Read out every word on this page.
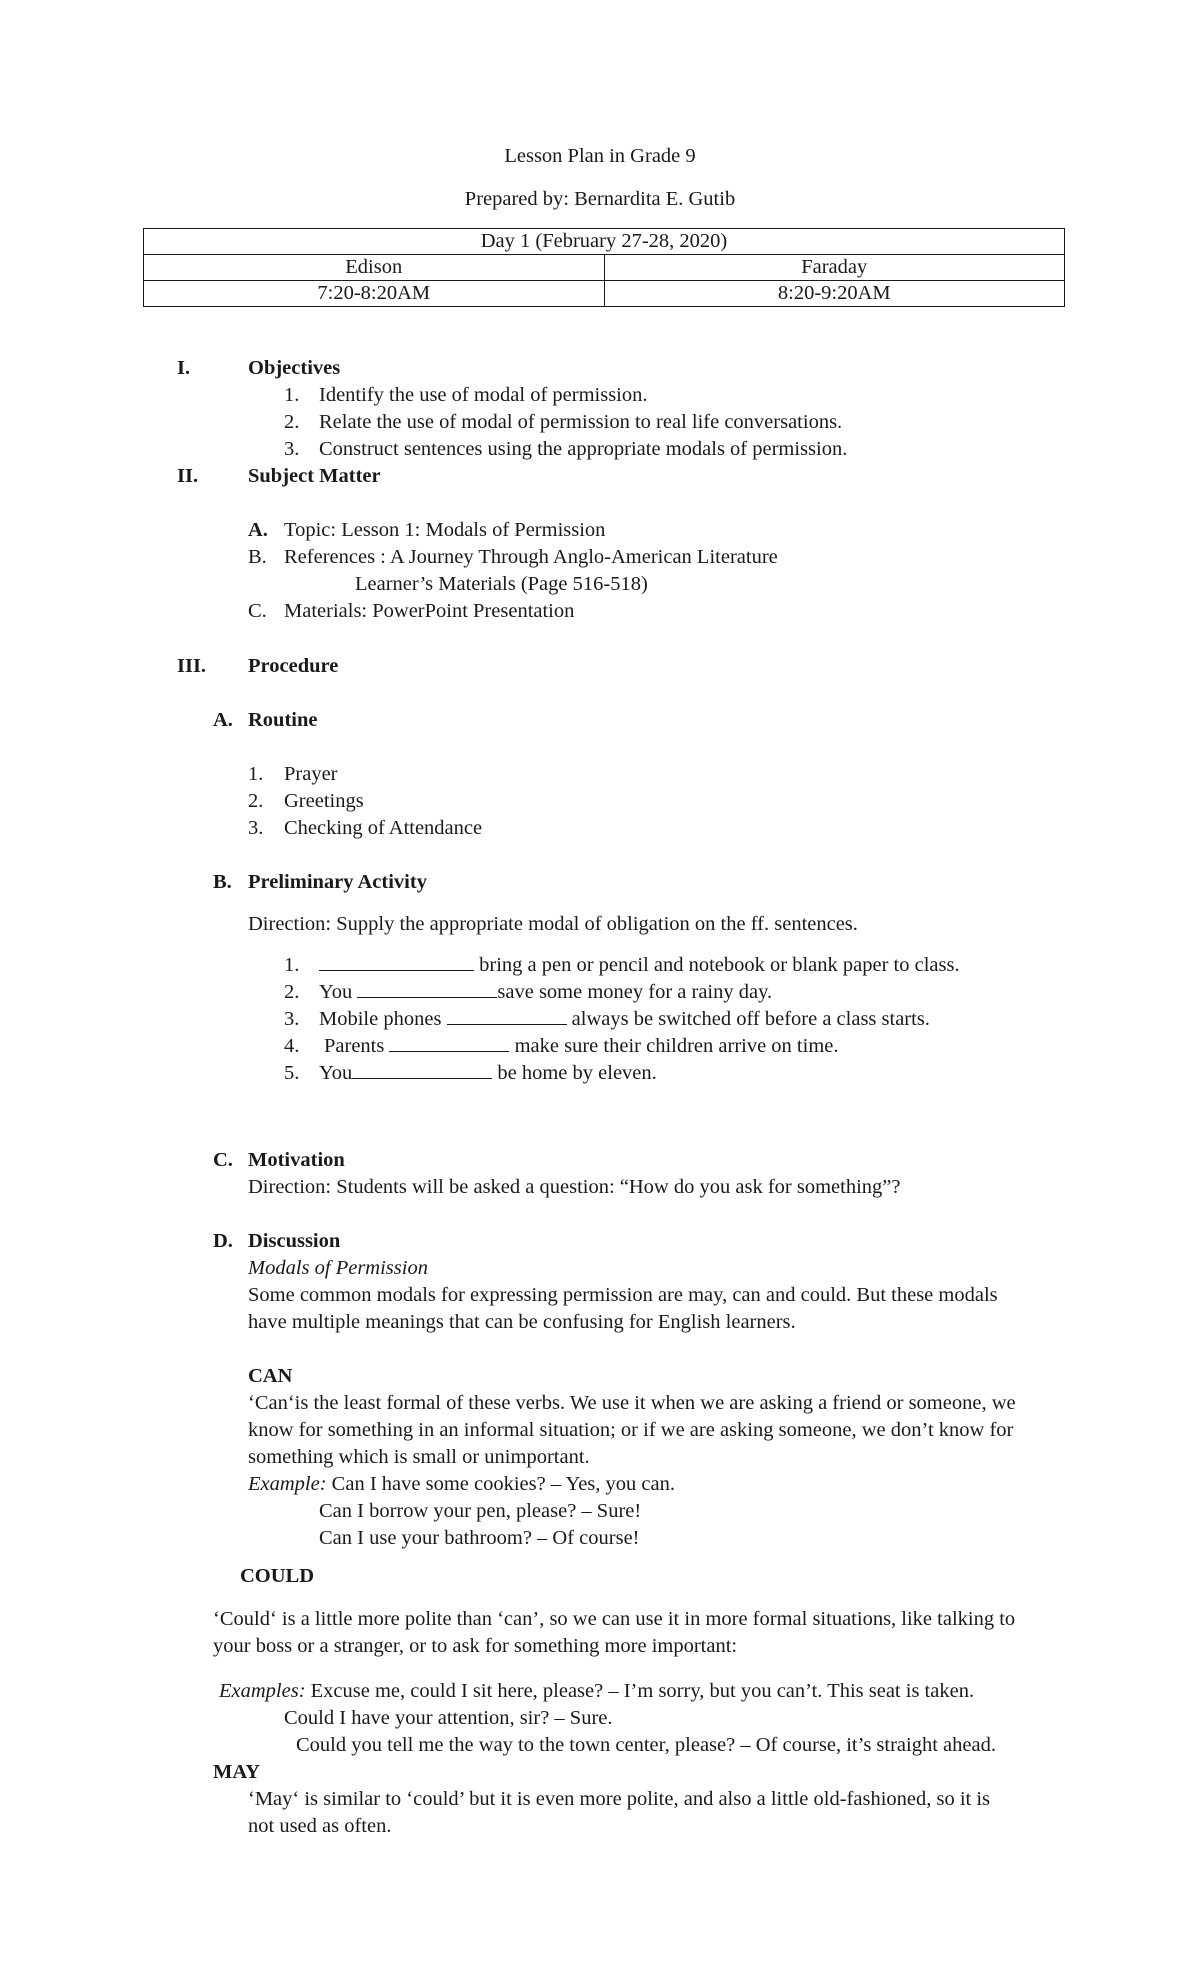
Lesson Plan in Grade 9
Prepared by: Bernardita E. Gutib
Day 1 (February 27-28, 2020)	
Edison	Faraday
7:20-8:20AM	8:20-9:20AM
I.	Objectives
1. Identify the use of modal of permission.
2. Relate the use of modal of permission to real life conversations.
3. Construct sentences using the appropriate modals of permission.
II. Subject Matter
A. Topic: Lesson 1: Modals of Permission
B. References : A Journey Through Anglo-American Literature
Learner’s Materials (Page 516-518)
C. Materials: PowerPoint Presentation
III. Procedure
A. Routine
1. Prayer
2. Greetings
3. Checking of Attendance
B. Preliminary Activity
Direction: Supply the appropriate modal of obligation on the ff. sentences.
1.	bring a pen or pencil and notebook or blank paper to class.
2. You	save some money for a rainy day.
3. Mobile phones	always be switched off before a class starts.
4. Parents	make sure their children arrive on time.
5. You	be home by eleven.
C. Motivation
Direction: Students will be asked a question: “How do you ask for something”?
D. Discussion
Modals of Permission
Some common modals for expressing permission are may, can and could. But these modals
have multiple meanings that can be confusing for English learners.
CAN
‘Can‘is the least formal of these verbs. We use it when we are asking a friend or someone, we
know for something in an informal situation; or if we are asking someone, we don’t know for
something which is small or unimportant.
Example: Can I have some cookies? – Yes, you can.
Can I borrow your pen, please? – Sure!
Can I use your bathroom? – Of course!
COULD
‘Could‘ is a little more polite than ‘can’, so we can use it in more formal situations, like talking to
your boss or a stranger, or to ask for something more important:
Examples: Excuse me, could I sit here, please? – I’m sorry, but you can’t. This seat is taken.
Could I have your attention, sir? – Sure.
Could you tell me the way to the town center, please? – Of course, it’s straight ahead.
MAY
‘May‘ is similar to ‘could’ but it is even more polite, and also a little old-fashioned, so it is
not used as often.
